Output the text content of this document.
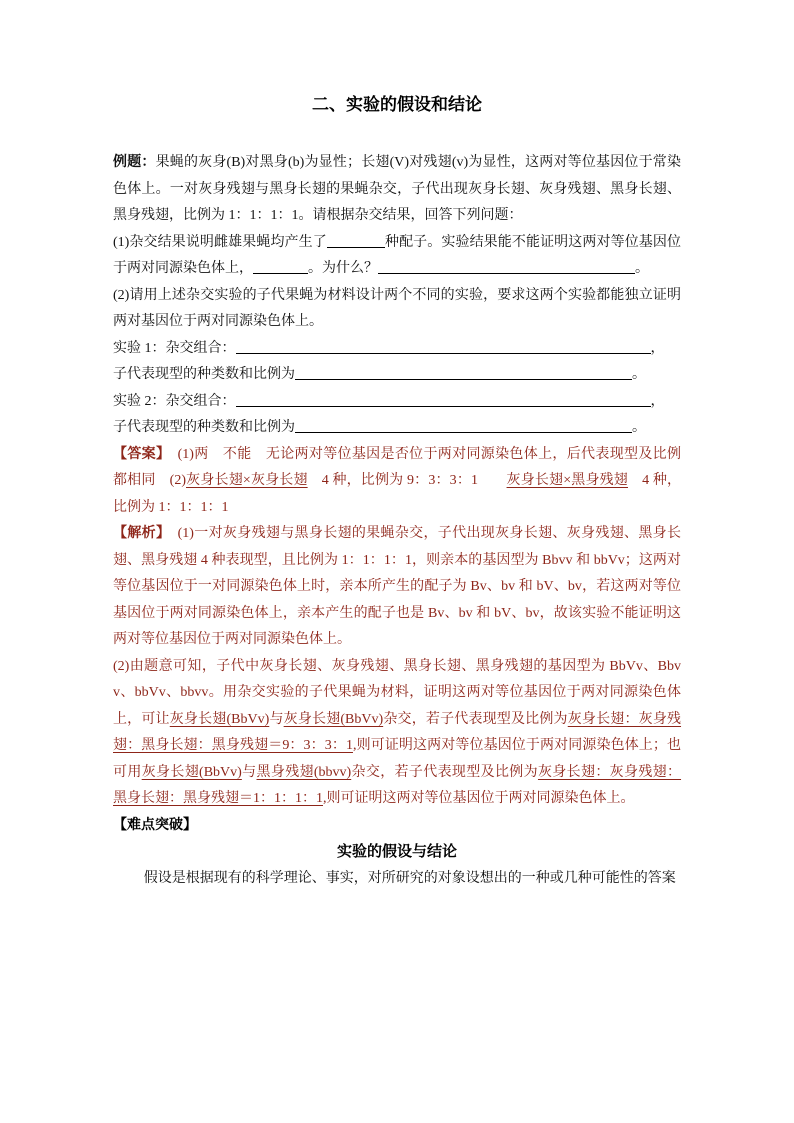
二、实验的假设和结论

例题：果蝇的灰身(B)对黑身(b)为显性；长翅(V)对残翅(v)为显性，这两对等位基因位于常染色体上。一对灰身残翅与黑身长翅的果蝇杂交，子代出现灰身长翅、灰身残翅、黑身长翅、黑身残翅，比例为 1：1：1：1。请根据杂交结果，回答下列问题：

(1)杂交结果说明雌雄果蝇均产生了	种配子。实验结果能不能证明这两对等位基因位于两对同源染色体上，	。为什么？	。

(2)请用上述杂交实验的子代果蝇为材料设计两个不同的实验，要求这两个实验都能独立证明两对基因位于两对同源染色体上。

实验 1：杂交组合：	，

子代表现型的种类数和比例为	。

实验 2：杂交组合：	，

子代表现型的种类数和比例为	。

【答案】　(1)两　不能　无论两对等位基因是否位于两对同源染色体上，后代表现型及比例都相同　(2)灰身长翅×灰身长翅　4 种，比例为 9：3：3：1　　灰身长翅×黑身残翅　4 种，比例为 1：1：1：1

【解析】　(1)一对灰身残翅与黑身长翅的果蝇杂交，子代出现灰身长翅、灰身残翅、黑身长翅、黑身残翅 4 种表现型，且比例为 1：1：1：1，则亲本的基因型为 Bbvv 和 bbVv；这两对等位基因位于一对同源染色体上时，亲本所产生的配子为 Bv、bv 和 bV、bv，若这两对等位基因位于两对同源染色体上，亲本产生的配子也是 Bv、bv 和 bV、bv，故该实验不能证明这两对等位基因位于两对同源染色体上。

(2)由题意可知，子代中灰身长翅、灰身残翅、黑身长翅、黑身残翅的基因型为 BbVv、Bbvv、bbVv、bbvv。用杂交实验的子代果蝇为材料，证明这两对等位基因位于两对同源染色体上，可让灰身长翅(BbVv)与灰身长翅(BbVv)杂交，若子代表现型及比例为灰身长翅：灰身残翅：黑身长翅：黑身残翅＝9：3：3：1,则可证明这两对等位基因位于两对同源染色体上；也可用灰身长翅(BbVv)与黑身残翅(bbvv)杂交，若子代表现型及比例为灰身长翅：灰身残翅：黑身长翅：黑身残翅＝1：1：1：1,则可证明这两对等位基因位于两对同源染色体上。

【难点突破】

实验的假设与结论

假设是根据现有的科学理论、事实，对所研究的对象设想出的一种或几种可能性的答案
